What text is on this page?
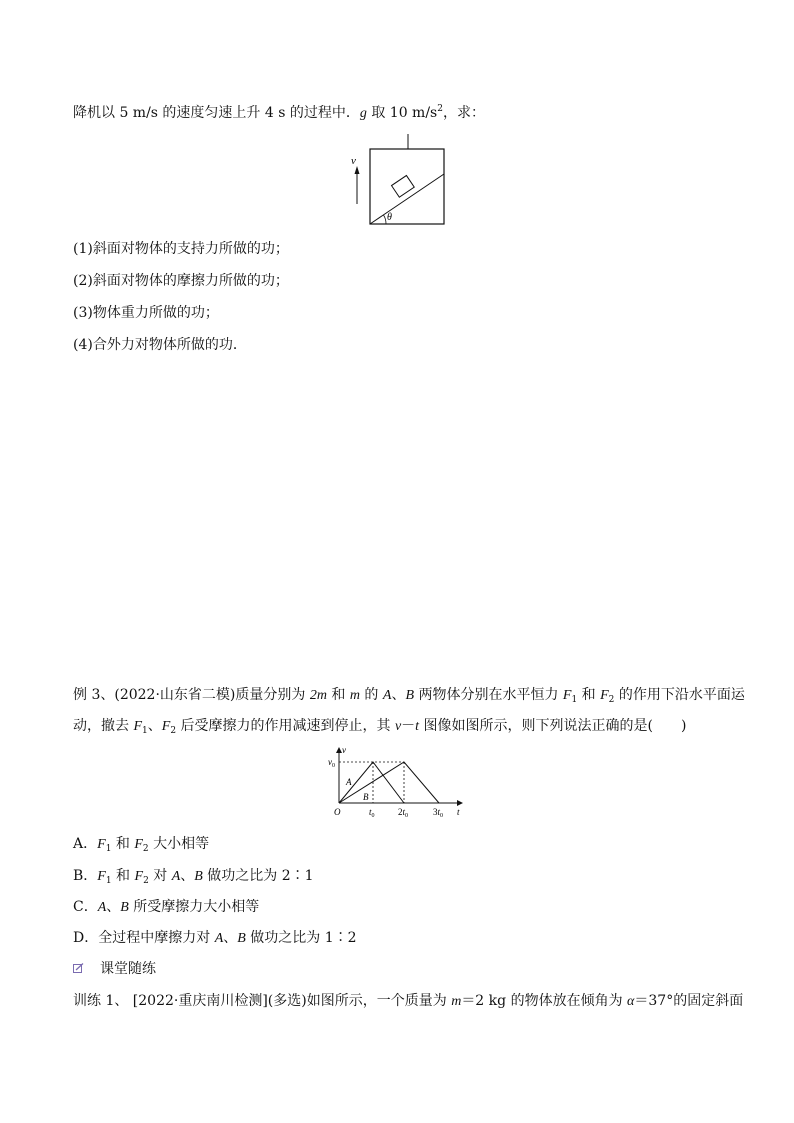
降机以 5 m/s 的速度匀速上升 4 s 的过程中．g 取 10 $m/s^2$，求：
θ
v
(1)斜面对物体的支持力所做的功；
(2)斜面对物体的摩擦力所做的功；
(3)物体重力所做的功；
(4)合外力对物体所做的功．
例 3、(2022·山东省二模)质量分别为 2m 和 m 的 A、B 两物体分别在水平恒力 $F_1$ 和 $F_2$ 的作用下沿水平面运
动，撤去 $F_1$、$F_2$ 后受摩擦力的作用减速到停止，其 v－t 图像如图所示，则下列说法正确的是(　　)
v
t
$v_0$
O
A
B
$t_0$	$2t_0$	$3t_0$
A．$F_1$ 和 $F_2$ 大小相等
B．$F_1$ 和 $F_2$ 对 A、B 做功之比为 2∶1
C．A、B 所受摩擦力大小相等
D．全过程中摩擦力对 A、B 做功之比为 1∶2
课堂随练
训练 1、 [2022·重庆南川检测](多选)如图所示，一个质量为 m＝2 kg 的物体放在倾角为 α＝37°的固定斜面
